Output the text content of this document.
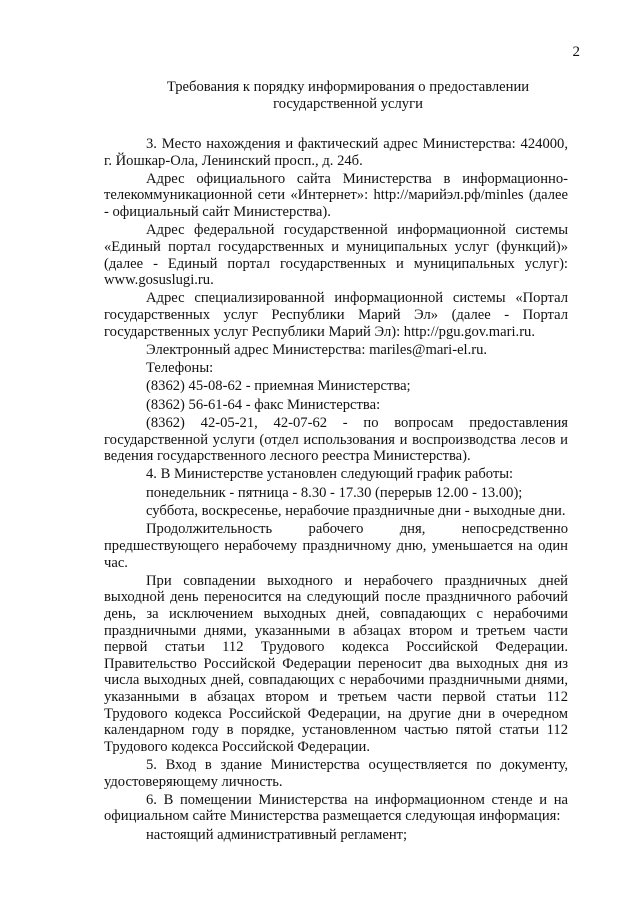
2
Требования к порядку информирования о предоставлении
государственной услуги

3. Место нахождения и фактический адрес Министерства: 424000, г. Йошкар-Ола, Ленинский просп., д. 24б.

Адрес официального сайта Министерства в информационно-телекоммуникационной сети «Интернет»: http://марийэл.рф/minles (далее - официальный сайт Министерства).

Адрес федеральной государственной информационной системы «Единый портал государственных и муниципальных услуг (функций)» (далее - Единый портал государственных и муниципальных услуг): www.gosuslugi.ru.

Адрес специализированной информационной системы «Портал государственных услуг Республики Марий Эл» (далее - Портал государственных услуг Республики Марий Эл): http://pgu.gov.mari.ru.

Электронный адрес Министерства: mariles@mari-el.ru.

Телефоны:

(8362) 45-08-62 - приемная Министерства;

(8362) 56-61-64 - факс Министерства:

(8362) 42-05-21, 42-07-62 - по вопросам предоставления государственной услуги (отдел использования и воспроизводства лесов и ведения государственного лесного реестра Министерства).

4. В Министерстве установлен следующий график работы:

понедельник - пятница - 8.30 - 17.30 (перерыв 12.00 - 13.00);

суббота, воскресенье, нерабочие праздничные дни - выходные дни.

Продолжительность рабочего дня, непосредственно предшествующего нерабочему праздничному дню, уменьшается на один час.

При совпадении выходного и нерабочего праздничных дней выходной день переносится на следующий после праздничного рабочий день, за исключением выходных дней, совпадающих с нерабочими праздничными днями, указанными в абзацах втором и третьем части первой статьи 112 Трудового кодекса Российской Федерации. Правительство Российской Федерации переносит два выходных дня из числа выходных дней, совпадающих с нерабочими праздничными днями, указанными в абзацах втором и третьем части первой статьи 112 Трудового кодекса Российской Федерации, на другие дни в очередном календарном году в порядке, установленном частью пятой статьи 112 Трудового кодекса Российской Федерации.

5. Вход в здание Министерства осуществляется по документу, удостоверяющему личность.

6. В помещении Министерства на информационном стенде и на официальном сайте Министерства размещается следующая информация:

настоящий административный регламент;
